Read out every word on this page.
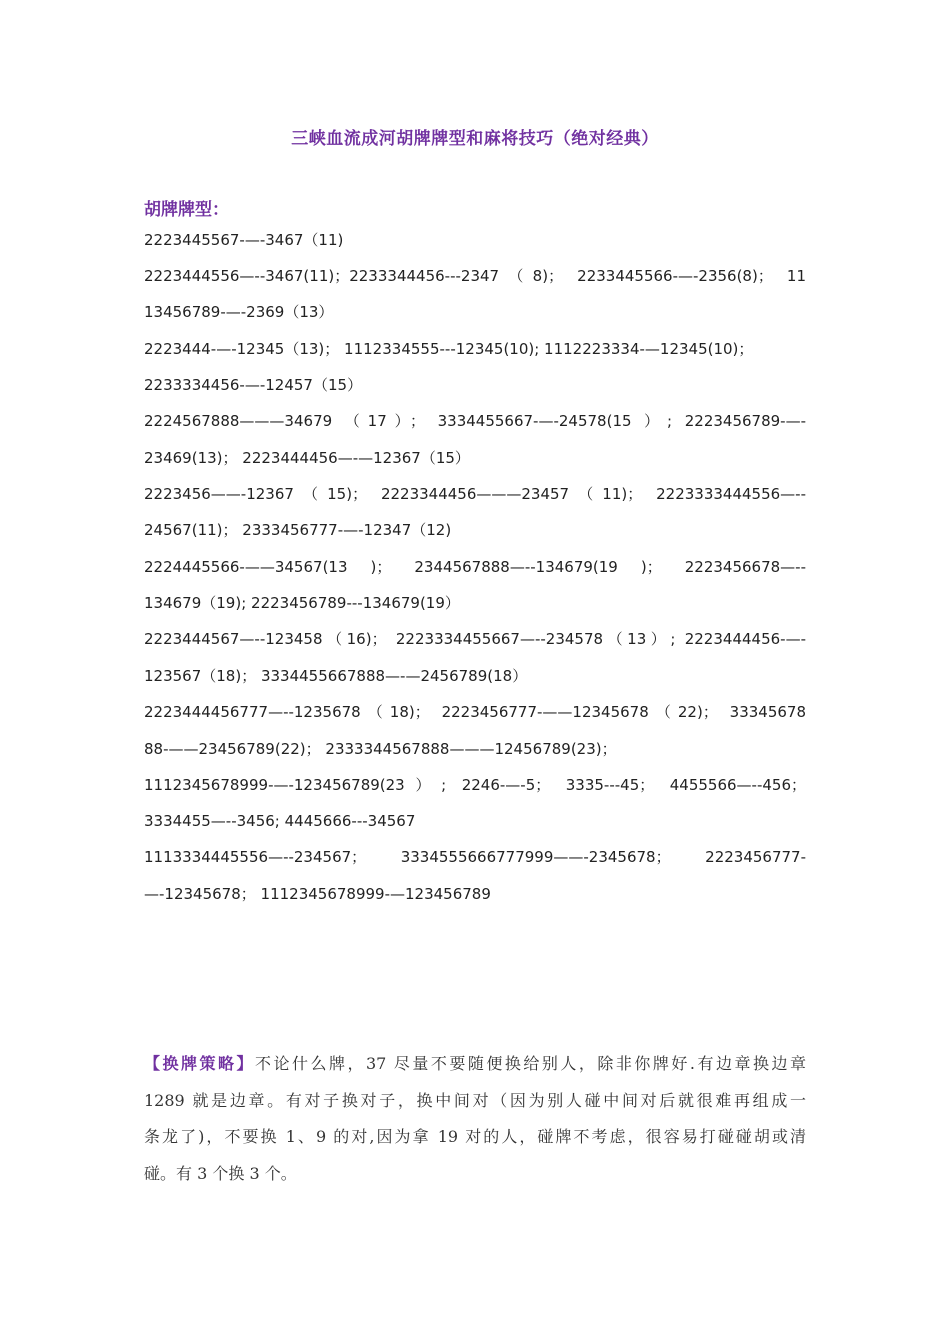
三峡血流成河胡牌牌型和麻将技巧（绝对经典）
胡牌牌型：
2223445567-—-3467（11)
2223444556—--3467(11)；2233344456---2347（8)； 2233445566-—-2356(8)； 11
13456789-—-2369（13）
2223444-—-12345（13)； 1112334555---12345(10); 1112223334-—12345(10)；
2233334456-—-12457（15）
2224567888———34679 （17）； 3334455667-—-24578(15 ）; 2223456789-—-
23469(13)； 2223444456—-—12367（15）
2223456——-12367（15)； 2223344456———23457（11)； 2223333444556—--
24567(11)； 2333456777-—-12347（12)
2224445566-——34567(13 )； 2344567888—--134679(19 )； 2223456678—--
134679（19); 2223456789---134679(19）
2223444567—--123458（16)； 2223334455667—--234578（13）; 2223444456-—-
123567（18)； 3334455667888—-—2456789(18）
2223444456777—--1235678（18)； 2223456777-——12345678（22)； 33345678
88-——23456789(22)； 2333344567888———12456789(23)；
1112345678999-—-123456789(23）; 2246-—-5； 3335---45； 4455566—--456；
3334455—--3456; 4445666---34567
1113334445556—--234567； 3334555666777999——-2345678； 2223456777-
—-12345678； 1112345678999-—123456789
【换牌策略】不论什么牌，37 尽量不要随便换给别人，除非你牌好.有边章换边章
1289 就是边章。有对子换对子，换中间对（因为别人碰中间对后就很难再组成一
条龙了)，不要换 1、9 的对,因为拿 19 对的人，碰牌不考虑，很容易打碰碰胡或清
碰。有 3 个换 3 个。
